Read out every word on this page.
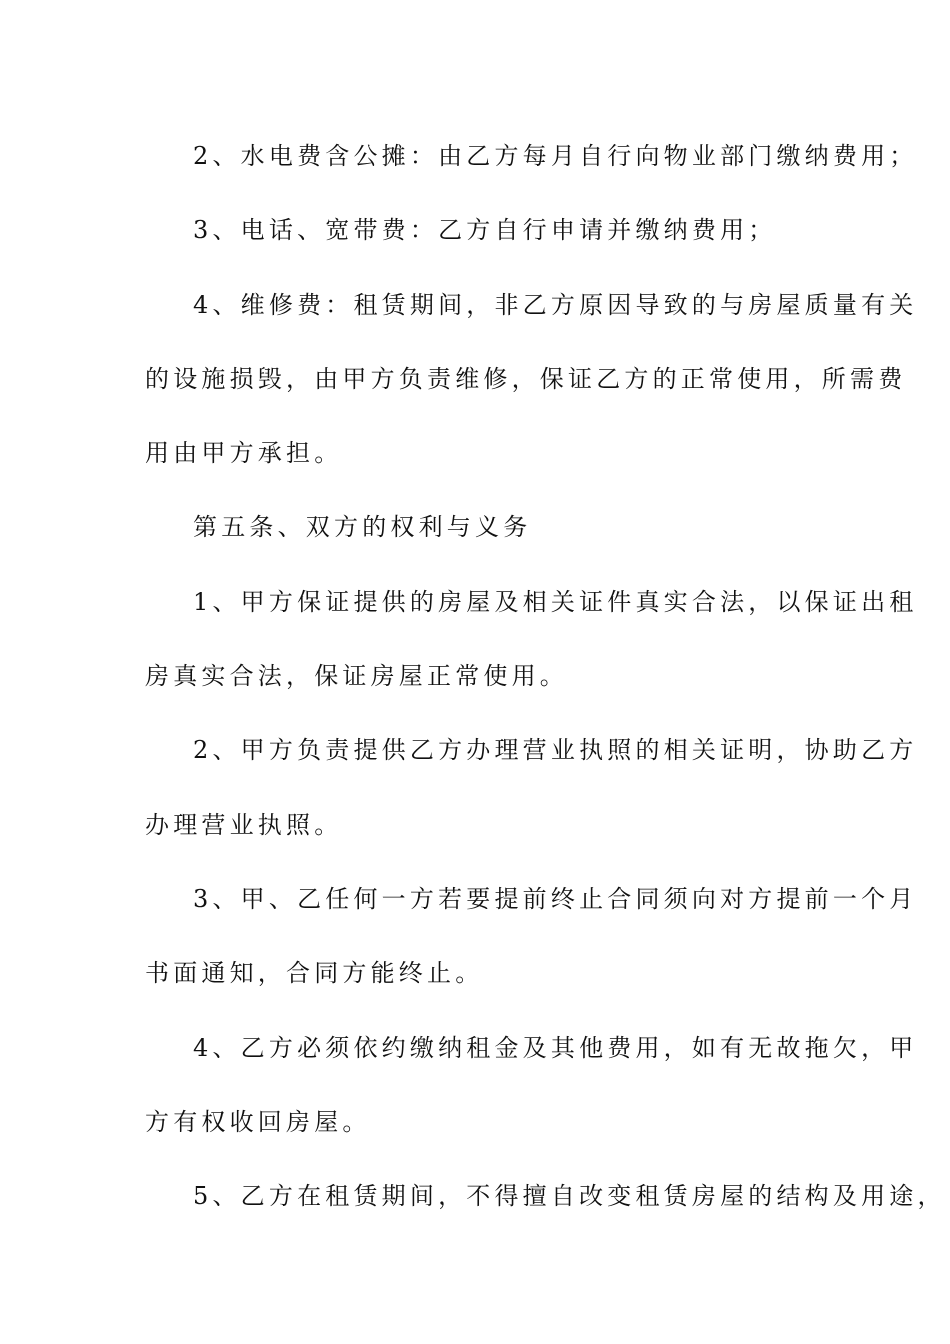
2、水电费含公摊：由乙方每月自行向物业部门缴纳费用；
3、电话、宽带费：乙方自行申请并缴纳费用；
4、维修费：租赁期间，非乙方原因导致的与房屋质量有关
的设施损毁，由甲方负责维修，保证乙方的正常使用，所需费
用由甲方承担。
第五条、双方的权利与义务
1、甲方保证提供的房屋及相关证件真实合法，以保证出租
房真实合法，保证房屋正常使用。
2、甲方负责提供乙方办理营业执照的相关证明，协助乙方
办理营业执照。
3、甲、乙任何一方若要提前终止合同须向对方提前一个月
书面通知，合同方能终止。
4、乙方必须依约缴纳租金及其他费用，如有无故拖欠，甲
方有权收回房屋。
5、乙方在租赁期间，不得擅自改变租赁房屋的结构及用途，
